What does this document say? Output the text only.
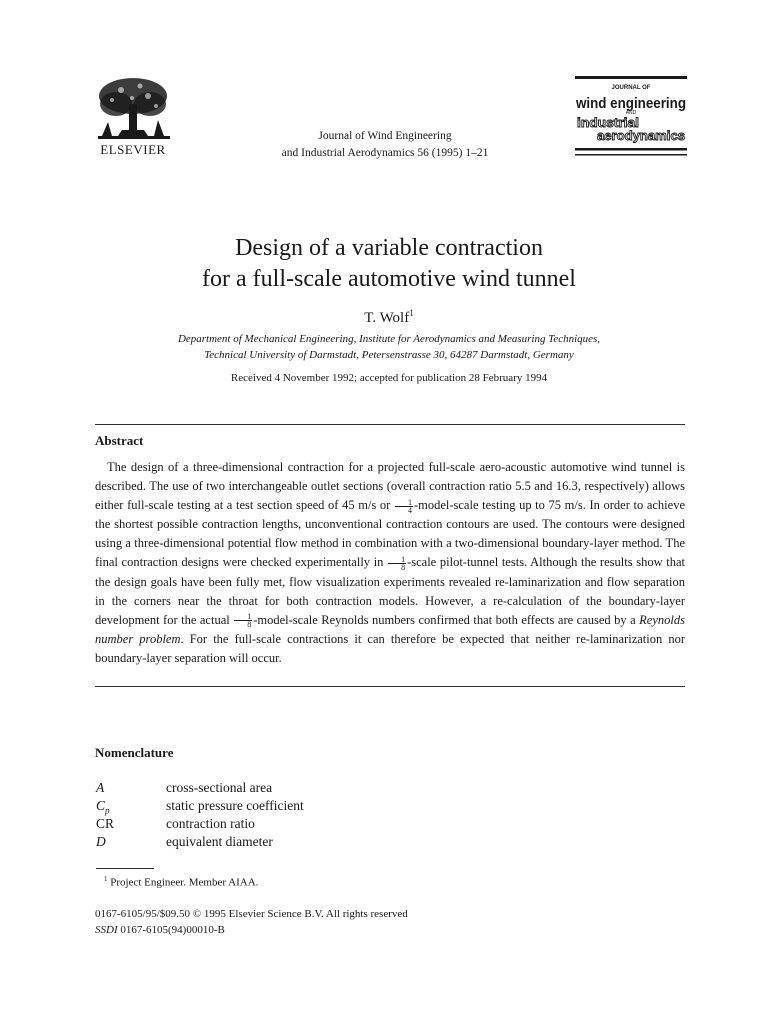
ELSEVIER
Journal of Wind Engineering
and Industrial Aerodynamics 56 (1995) 1–21
JOURNAL OF
wind engineering
AND
industrial
aerodynamics
Design of a variable contraction
for a full-scale automotive wind tunnel
T. Wolf$^1$
Department of Mechanical Engineering, Institute for Aerodynamics and Measuring Techniques,
Technical University of Darmstadt, Petersenstrasse 30, 64287 Darmstadt, Germany
Received 4 November 1992; accepted for publication 28 February 1994
Abstract
The design of a three-dimensional contraction for a projected full-scale aero-acoustic automotive wind tunnel is described. The use of two interchangeable outlet sections (overall contraction ratio 5.5 and 16.3, respectively) allows either full-scale testing at a test section speed of 45 m/s or $\frac{1}{4}$ -model-scale testing up to 75 m/s. In order to achieve the shortest possible contraction lengths, unconventional contraction contours are used. The contours were designed using a three-dimensional potential flow method in combination with a two-dimensional boundary-layer method. The final contraction designs were checked experimentally in $\frac{1}{8}$ -scale pilot-tunnel tests. Although the results show that the design goals have been fully met, flow visualization experiments revealed re-laminarization and flow separation in the corners near the throat for both contraction models. However, a re-calculation of the boundary-layer development for the actual $\frac{1}{8}$ -model-scale Reynolds numbers confirmed that both effects are caused by a Reynolds number problem. For the full-scale contractions it can therefore be expected that neither re-laminarization nor boundary-layer separation will occur.
Nomenclature
A	cross-sectional area
$C_p$	static pressure coefficient
CR	contraction ratio
D	equivalent diameter
$^1$ Project Engineer. Member AIAA.
0167-6105/95/$09.50 © 1995 Elsevier Science B.V. All rights reserved
SSDI 0167-6105(94)00010-B
